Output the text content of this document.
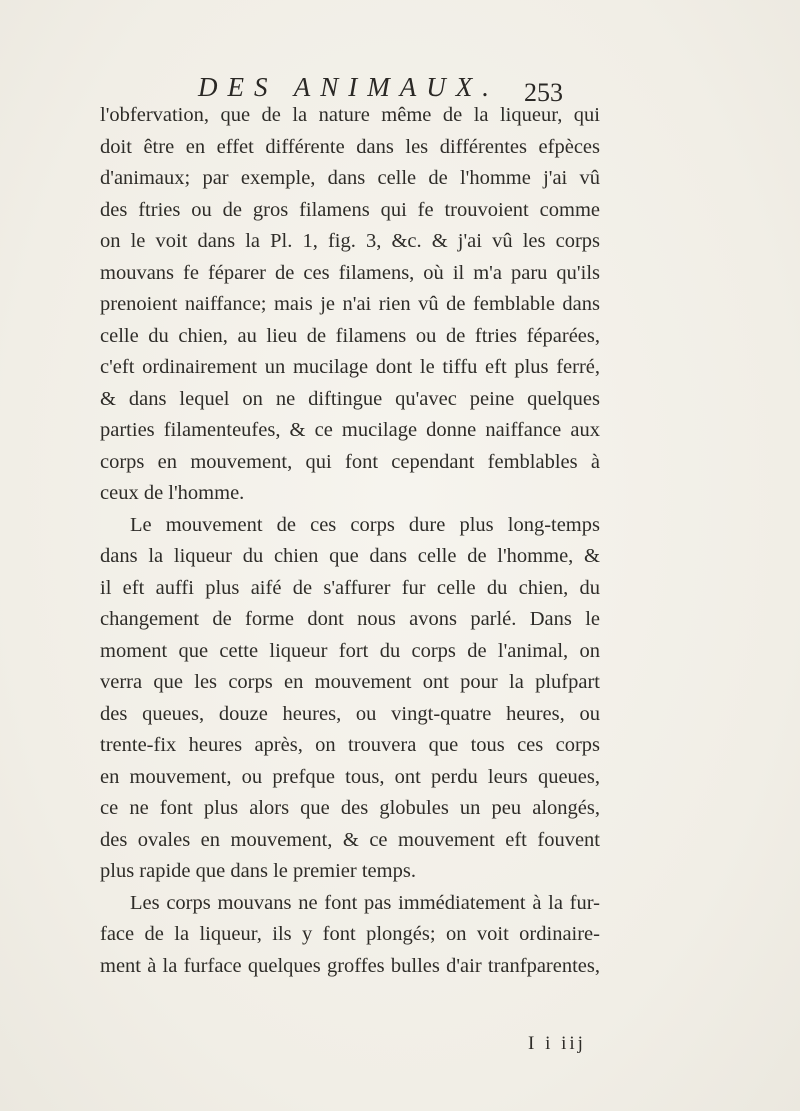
DES ANIMAUX. 253
l'obfervation, que de la nature même de la liqueur, qui
doit être en effet différente dans les différentes efpèces
d'animaux; par exemple, dans celle de l'homme j'ai vû
des ftries ou de gros filamens qui fe trouvoient comme
on le voit dans la Pl. 1, fig. 3, &c. & j'ai vû les corps
mouvans fe féparer de ces filamens, où il m'a paru qu'ils
prenoient naiffance; mais je n'ai rien vû de femblable dans
celle du chien, au lieu de filamens ou de ftries féparées,
c'eft ordinairement un mucilage dont le tiffu eft plus ferré,
& dans lequel on ne diftingue qu'avec peine quelques
parties filamenteufes, & ce mucilage donne naiffance aux
corps en mouvement, qui font cependant femblables à
ceux de l'homme.
Le mouvement de ces corps dure plus long-temps
dans la liqueur du chien que dans celle de l'homme, &
il eft auffi plus aifé de s'affurer fur celle du chien, du
changement de forme dont nous avons parlé. Dans le
moment que cette liqueur fort du corps de l'animal, on
verra que les corps en mouvement ont pour la plufpart
des queues, douze heures, ou vingt-quatre heures, ou
trente-fix heures après, on trouvera que tous ces corps
en mouvement, ou prefque tous, ont perdu leurs queues,
ce ne font plus alors que des globules un peu alongés,
des ovales en mouvement, & ce mouvement eft fouvent
plus rapide que dans le premier temps.
Les corps mouvans ne font pas immédiatement à la fur-
face de la liqueur, ils y font plongés; on voit ordinaire-
ment à la furface quelques groffes bulles d'air tranfparentes,
I i iij
